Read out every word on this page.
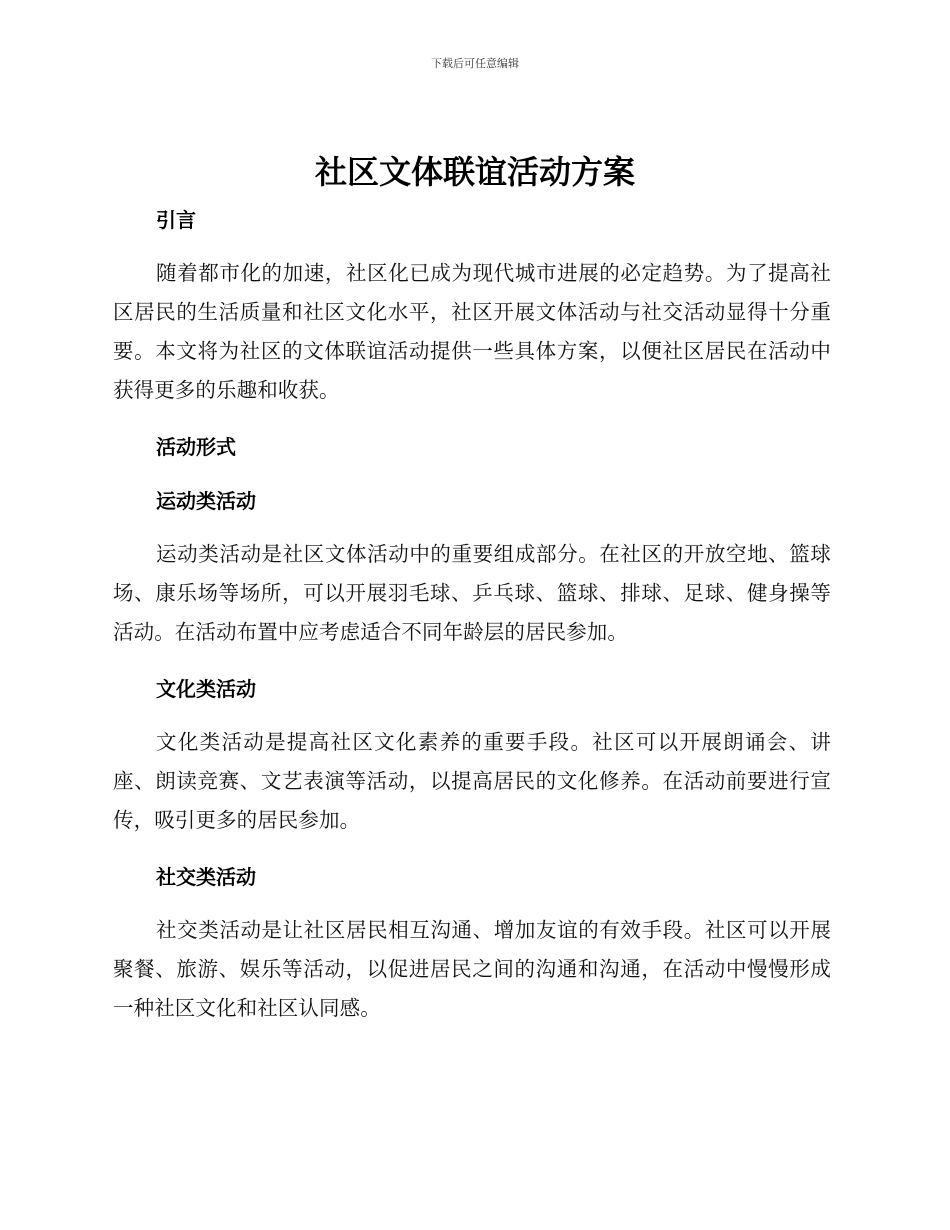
下载后可任意编辑
社区文体联谊活动方案
引言

随着都市化的加速，社区化已成为现代城市进展的必定趋势。为了提高社区居民的生活质量和社区文化水平，社区开展文体活动与社交活动显得十分重要。本文将为社区的文体联谊活动提供一些具体方案，以便社区居民在活动中获得更多的乐趣和收获。

活动形式
运动类活动

运动类活动是社区文体活动中的重要组成部分。在社区的开放空地、篮球场、康乐场等场所，可以开展羽毛球、乒乓球、篮球、排球、足球、健身操等活动。在活动布置中应考虑适合不同年龄层的居民参加。

文化类活动

文化类活动是提高社区文化素养的重要手段。社区可以开展朗诵会、讲座、朗读竞赛、文艺表演等活动，以提高居民的文化修养。在活动前要进行宣传，吸引更多的居民参加。

社交类活动

社交类活动是让社区居民相互沟通、增加友谊的有效手段。社区可以开展聚餐、旅游、娱乐等活动，以促进居民之间的沟通和沟通，在活动中慢慢形成一种社区文化和社区认同感。
